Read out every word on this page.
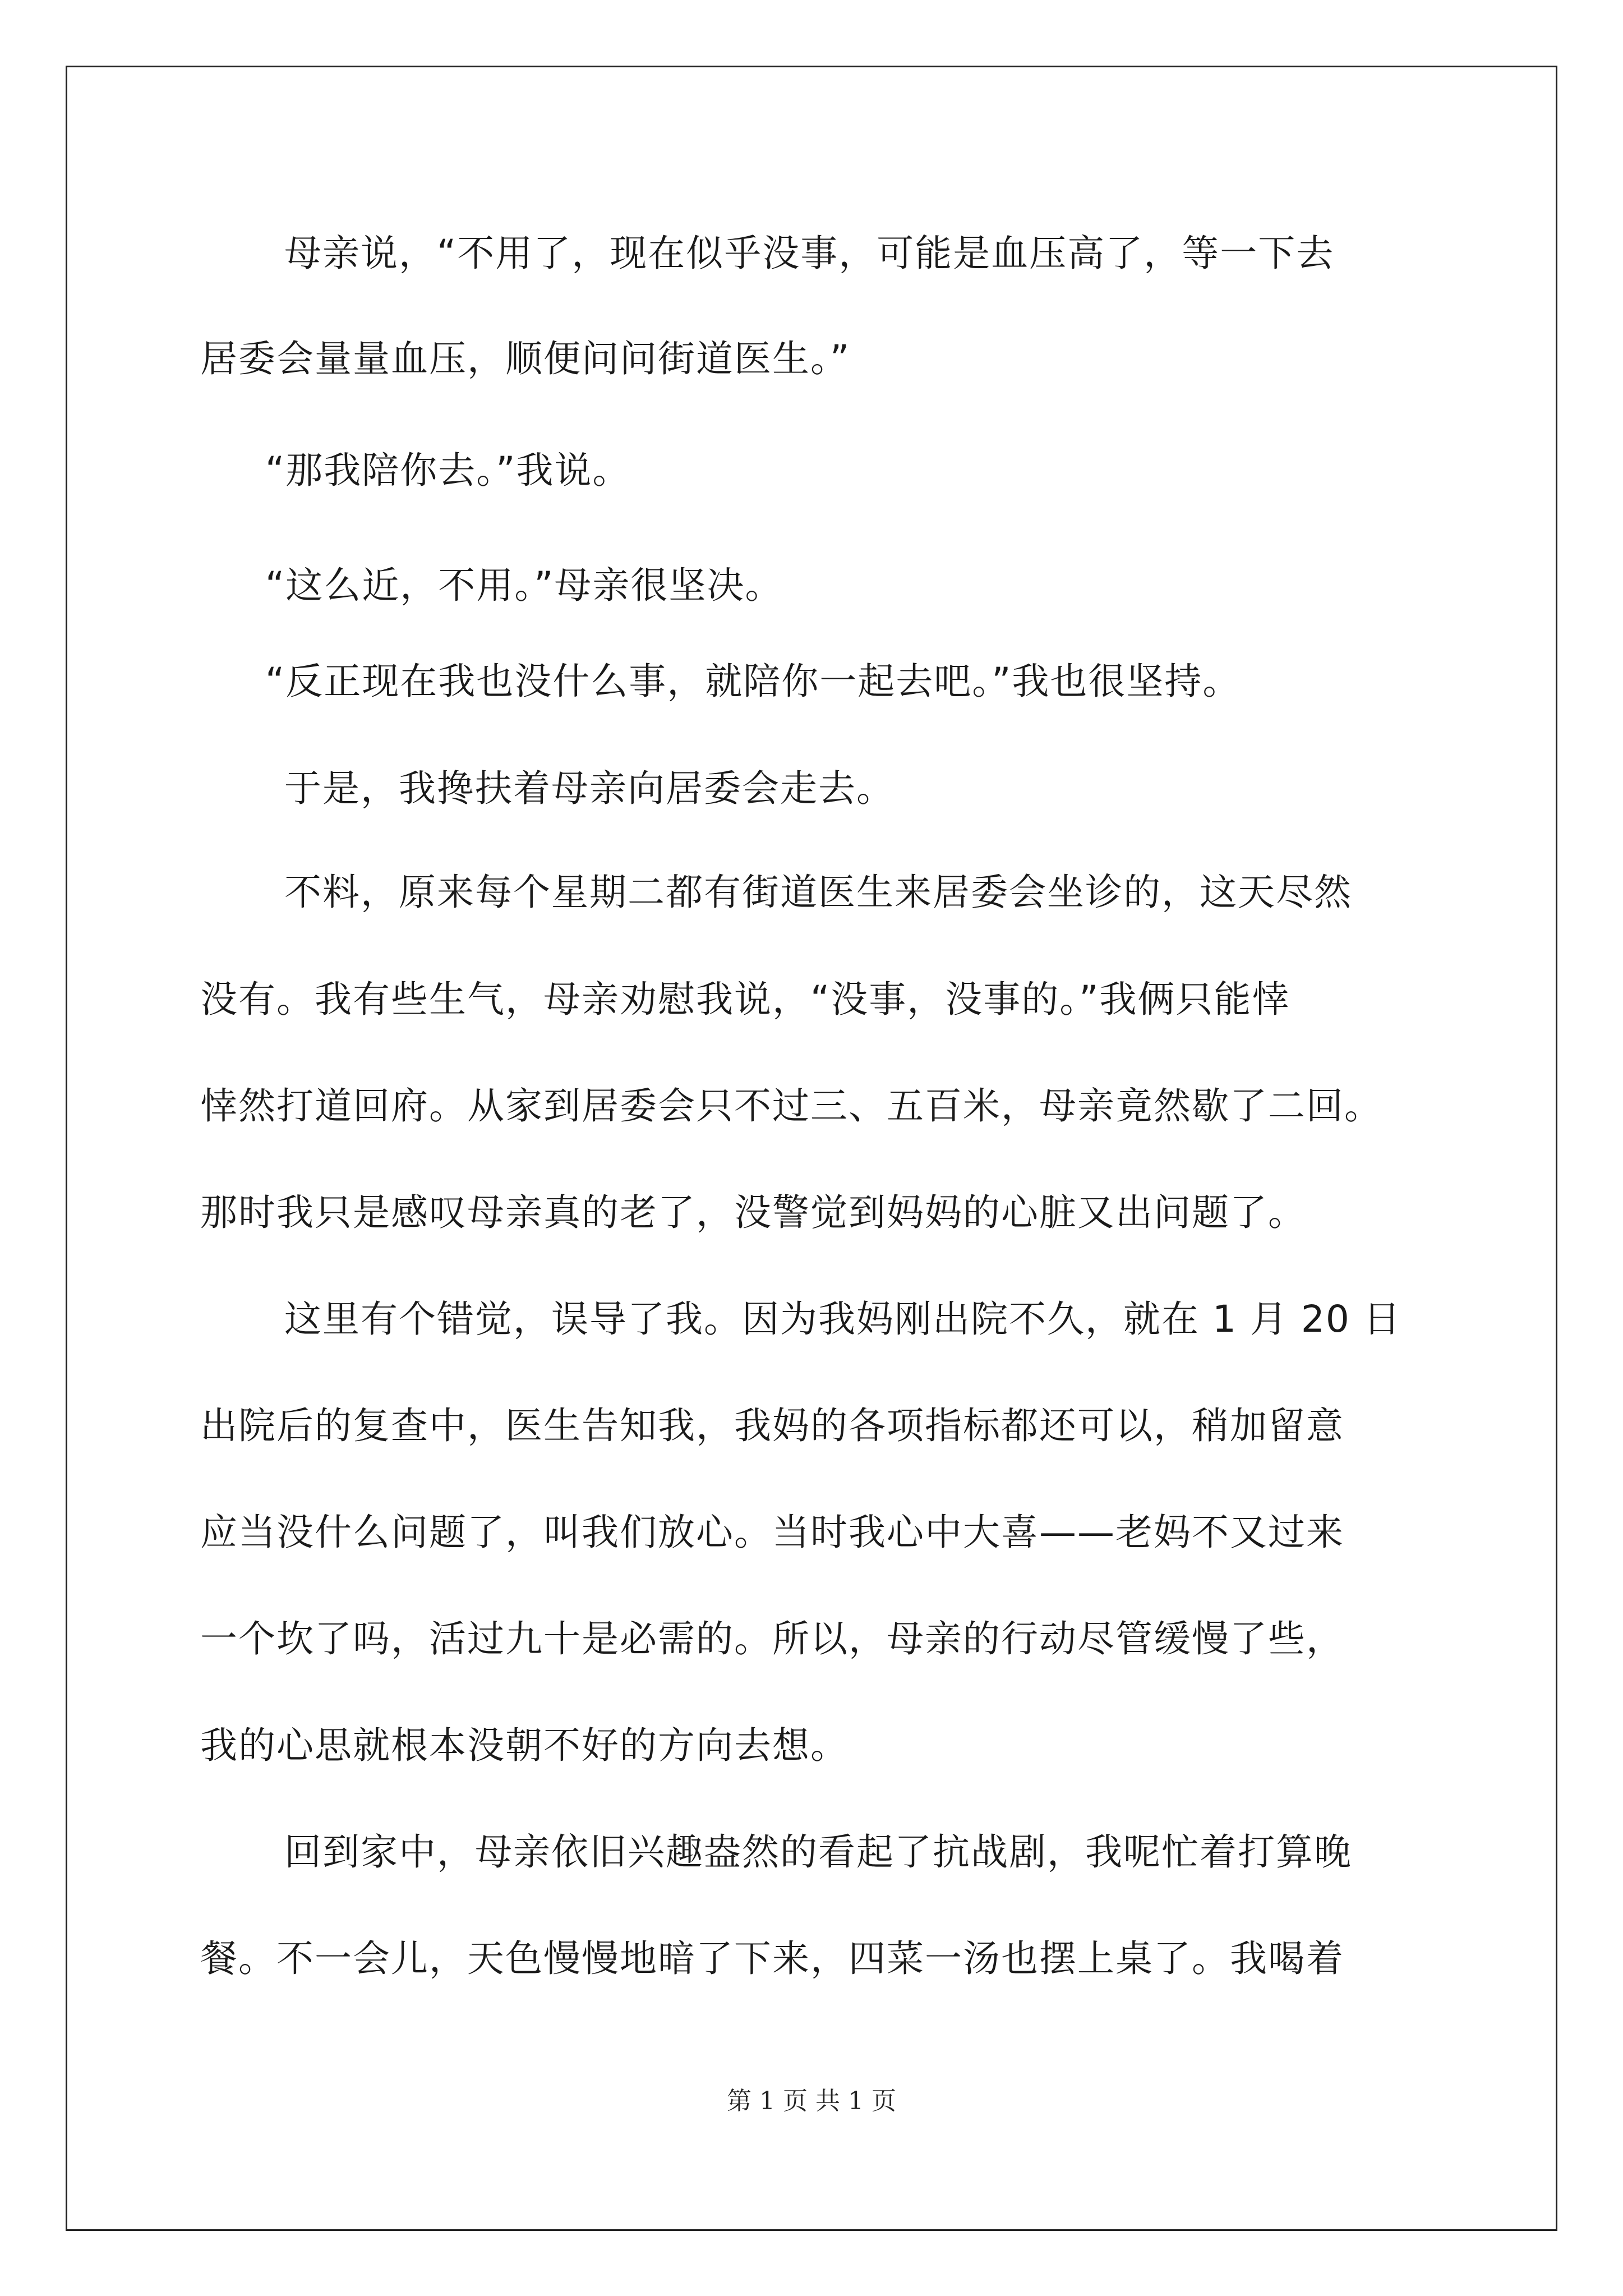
母亲说，“不用了，现在似乎没事，可能是血压高了，等一下去
居委会量量血压，顺便问问街道医生。”
“那我陪你去。”我说。
“这么近，不用。”母亲很坚决。
“反正现在我也没什么事，就陪你一起去吧。”我也很坚持。
于是，我搀扶着母亲向居委会走去。
不料，原来每个星期二都有街道医生来居委会坐诊的，这天尽然
没有。我有些生气，母亲劝慰我说，“没事，没事的。”我俩只能悻
悻然打道回府。从家到居委会只不过三、五百米，母亲竟然歇了二回。
那时我只是感叹母亲真的老了，没警觉到妈妈的心脏又出问题了。
这里有个错觉，误导了我。因为我妈刚出院不久，就在 1 月 20 日
出院后的复查中，医生告知我，我妈的各项指标都还可以，稍加留意
应当没什么问题了，叫我们放心。当时我心中大喜——老妈不又过来
一个坎了吗，活过九十是必需的。所以，母亲的行动尽管缓慢了些，
我的心思就根本没朝不好的方向去想。
回到家中，母亲依旧兴趣盎然的看起了抗战剧，我呢忙着打算晚
餐。不一会儿，天色慢慢地暗了下来，四菜一汤也摆上桌了。我喝着
第 1 页 共 1 页
